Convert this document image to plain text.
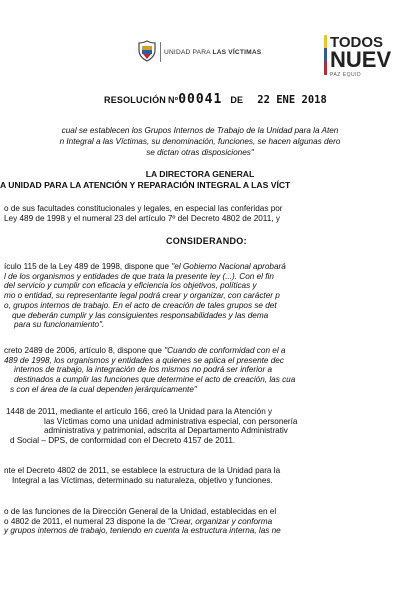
UNIDAD PARA LAS VÍCTIMAS
TODOS
NUEV
PAZ EQUID
RESOLUCIÓN Nº 00041 DE 22 ENE 2018
cual se establecen los Grupos Internos de Trabajo de la Unidad para la Aten
n Integral a las Víctimas, su denominación, funciones, se hacen algunas dero
se dictan otras disposiciones"
LA DIRECTORA GENERAL
A UNIDAD PARA LA ATENCIÓN Y REPARACIÓN INTEGRAL A LAS VÍCT

o de sus facultades constitucionales y legales, en especial las conferidas por

Ley 489 de 1998 y el numeral 23 del artículo 7º del Decreto 4802 de 2011, y

CONSIDERANDO:

ículo 115 de la Ley 489 de 1998, dispone que "el Gobierno Nacional aprobará

l de los organismos y entidades de que trata la presente ley (...). Con el fin

del servicio y cumplir con eficacia y eficiencia los objetivos, políticas y

mo o entidad, su representante legal podrá crear y organizar, con carácter p

o, grupos internos de trabajo. En el acto de creación de tales grupos se det

que deberán cumplir y las consiguientes responsabilidades y las dema

para su funcionamiento".

creto 2489 de 2006, artículo 8, dispone que "Cuando de conformidad con el a

489 de 1998, los organismos y entidades a quienes se aplica el presente dec

internos de trabajo, la integración de los mismos no podrá ser inferior a

destinados a cumplir las funciones que determine el acto de creación, las cua

s con el área de la cual dependen jerárquicamente"

1448 de 2011, mediante el artículo 166, creó la Unidad para la Atención y

las Víctimas como una unidad administrativa especial, con personería

administrativa y patrimonial, adscrita al Departamento Administrativ

d Social – DPS, de conformidad con el Decreto 4157 de 2011.

nte el Decreto 4802 de 2011, se establece la estructura de la Unidad para la

Integral a las Víctimas, determinado su naturaleza, objetivo y funciones.

o de las funciones de la Dirección General de la Unidad, establecidas en el

o 4802 de 2011, el numeral 23 dispone la de "Crear, organizar y conforma

y grupos internos de trabajo, teniendo en cuenta la estructura interna, las ne
